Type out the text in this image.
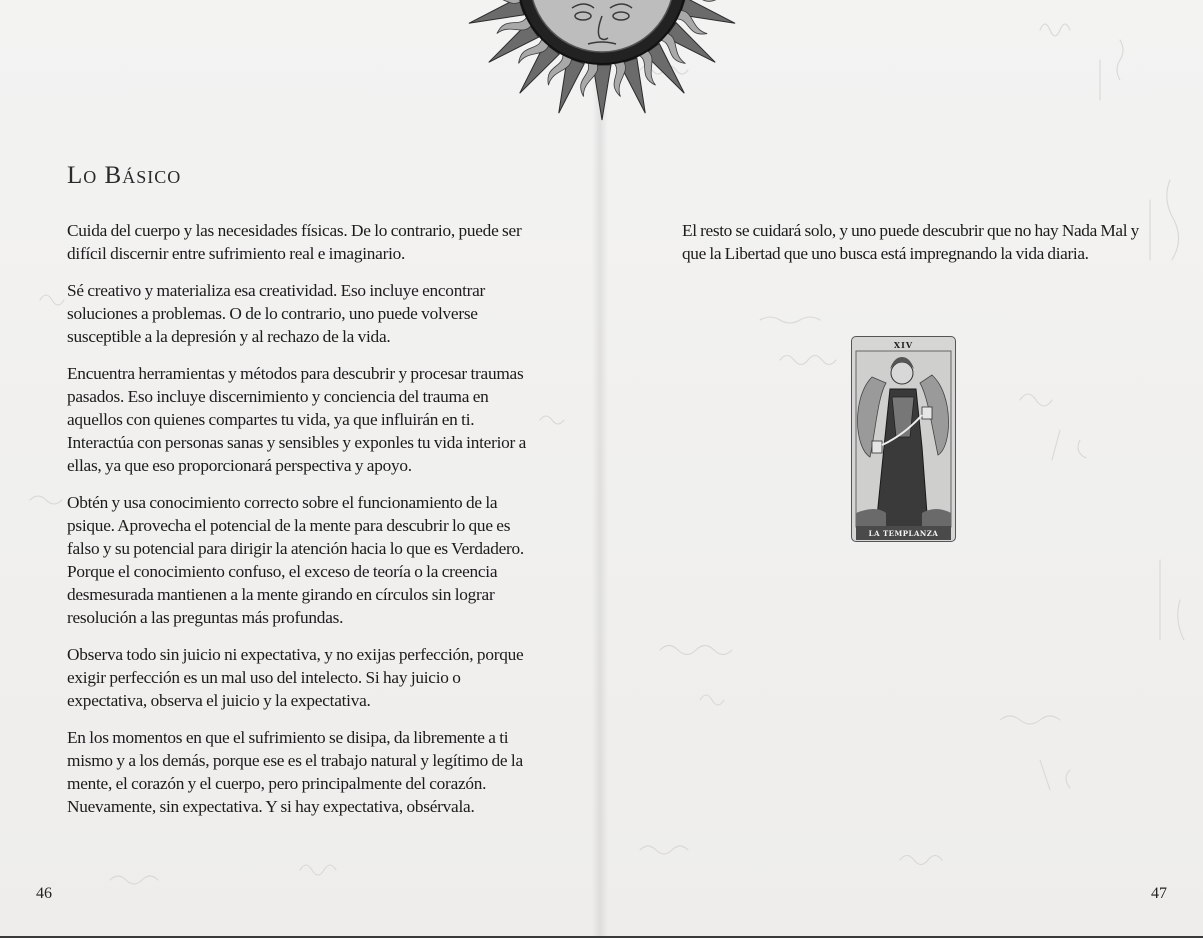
Lo Básico

Cuida del cuerpo y las necesidades físicas. De lo contrario, puede ser difícil discernir entre sufrimiento real e imaginario.

Sé creativo y materializa esa creatividad. Eso incluye encontrar soluciones a problemas. O de lo contrario, uno puede volverse susceptible a la depresión y al rechazo de la vida.

Encuentra herramientas y métodos para descubrir y procesar traumas pasados. Eso incluye discernimiento y conciencia del trauma en aquellos con quienes compartes tu vida, ya que influirán en ti. Interactúa con personas sanas y sensibles y exponles tu vida interior a ellas, ya que eso proporcionará perspectiva y apoyo.

Obtén y usa conocimiento correcto sobre el funcionamiento de la psique. Aprovecha el potencial de la mente para descubrir lo que es falso y su potencial para dirigir la atención hacia lo que es Verdadero. Porque el conocimiento confuso, el exceso de teoría o la creencia desmesurada mantienen a la mente girando en círculos sin lograr resolución a las preguntas más profundas.

Observa todo sin juicio ni expectativa, y no exijas perfección, porque exigir perfección es un mal uso del intelecto. Si hay juicio o expectativa, observa el juicio y la expectativa.

En los momentos en que el sufrimiento se disipa, da libremente a ti mismo y a los demás, porque ese es el trabajo natural y legítimo de la mente, el corazón y el cuerpo, pero principalmente del corazón. Nuevamente, sin expectativa. Y si hay expectativa, obsérvala.

El resto se cuidará solo, y uno puede descubrir que no hay Nada Mal y que la Libertad que uno busca está impregnando la vida diaria.

XIV
LA TEMPLANZA
46	47
